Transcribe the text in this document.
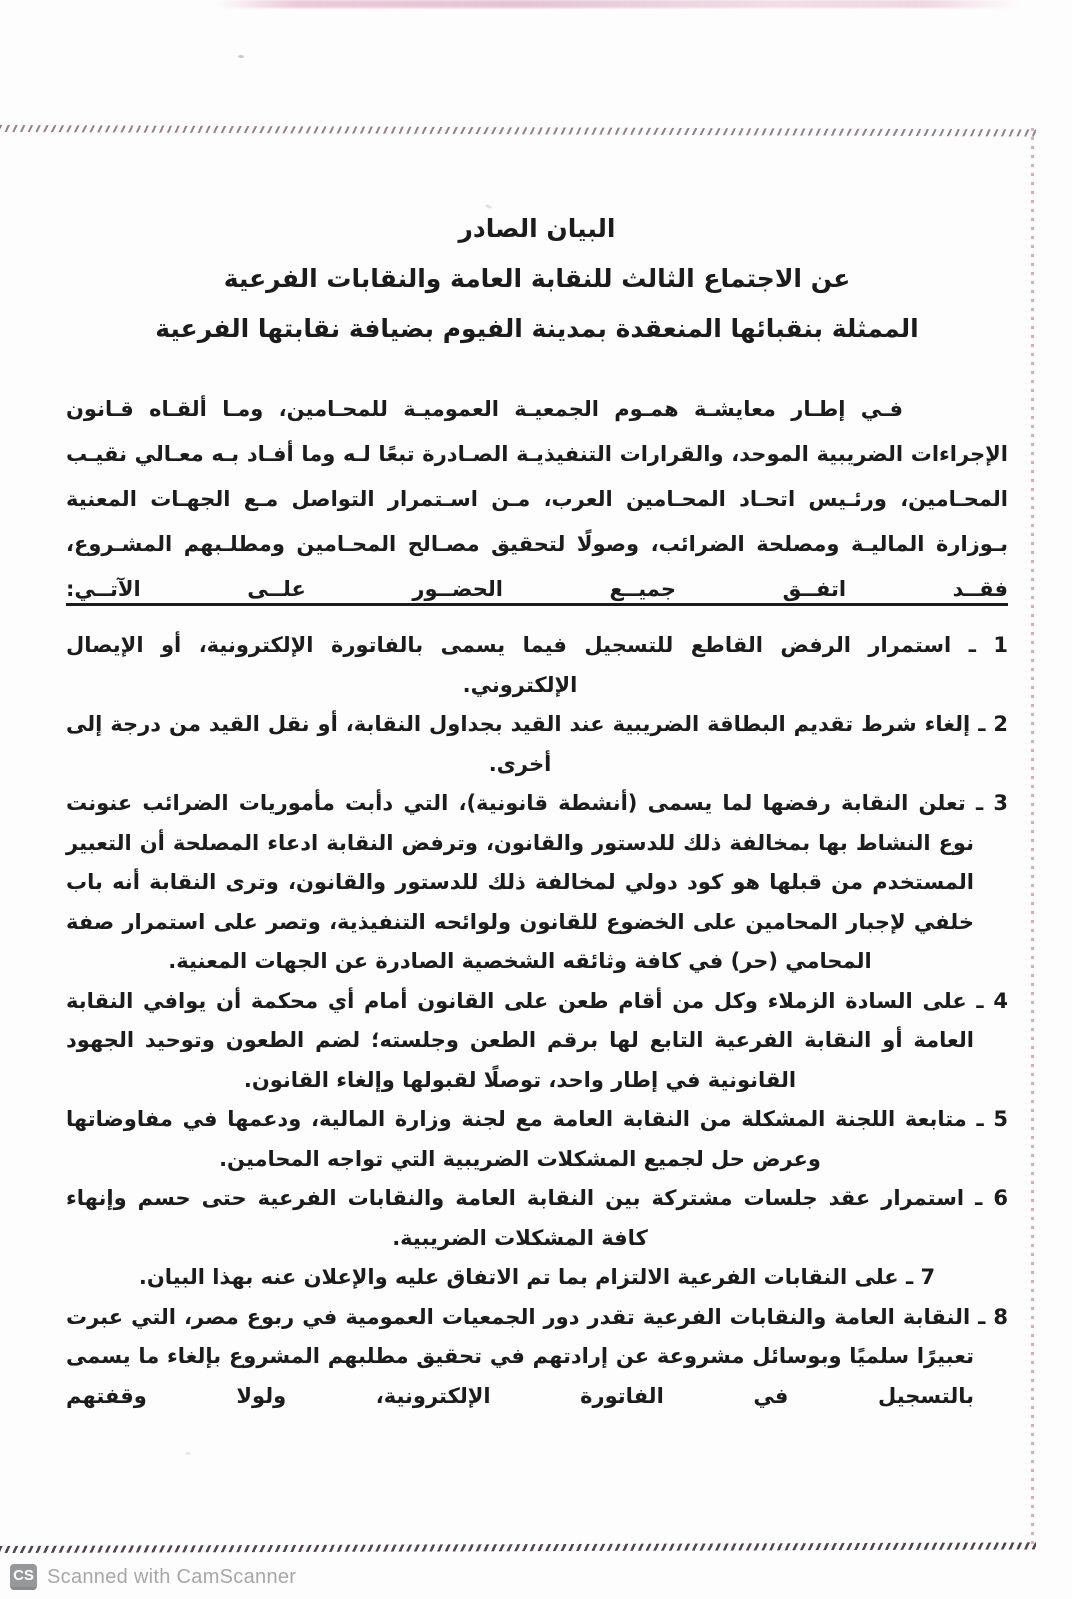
البيان الصادر
عن الاجتماع الثالث للنقابة العامة والنقابات الفرعية
الممثلة بنقبائها المنعقدة بمدينة الفيوم بضيافة نقابتها الفرعية

فـي إطـار معايشـة همـوم الجمعيـة العموميـة للمحـامين، ومـا ألقـاه قـانون الإجراءات الضريبية الموحد، والقرارات التنفيذيـة الصـادرة تبعًا لـه وما أفـاد بـه معـالي نقيـب المحـامين، ورئـيس اتحـاد المحـامين العرب، مـن اسـتمرار التواصل مـع الجهـات المعنية بـوزارة الماليـة ومصلحة الضرائب، وصولًا لتحقيق مصـالح المحـامين ومطلـبهم المشـروع، فقــد اتفــق جميــع الحضــور علــى الآتــي:

1 ـ استمرار الرفض القاطع للتسجيل فيما يسمى بالفاتورة الإلكترونية، أو الإيصال الإلكتروني.
2 ـ إلغاء شرط تقديم البطاقة الضريبية عند القيد بجداول النقابة، أو نقل القيد من درجة إلى أخرى.
3 ـ تعلن النقابة رفضها لما يسمى (أنشطة قانونية)، التي دأبت مأموريات الضرائب عنونت نوع النشاط بها بمخالفة ذلك للدستور والقانون، وترفض النقابة ادعاء المصلحة أن التعبير المستخدم من قبلها هو كود دولي لمخالفة ذلك للدستور والقانون، وترى النقابة أنه باب خلفي لإجبار المحامين على الخضوع للقانون ولوائحه التنفيذية، وتصر على استمرار صفة المحامي (حر) في كافة وثائقه الشخصية الصادرة عن الجهات المعنية.
4 ـ على السادة الزملاء وكل من أقام طعن على القانون أمام أي محكمة أن يوافي النقابة العامة أو النقابة الفرعية التابع لها برقم الطعن وجلسته؛ لضم الطعون وتوحيد الجهود القانونية في إطار واحد، توصلًا لقبولها وإلغاء القانون.
5 ـ متابعة اللجنة المشكلة من النقابة العامة مع لجنة وزارة المالية، ودعمها في مفاوضاتها وعرض حل لجميع المشكلات الضريبية التي تواجه المحامين.
6 ـ استمرار عقد جلسات مشتركة بين النقابة العامة والنقابات الفرعية حتى حسم وإنهاء كافة المشكلات الضريبية.
7 ـ على النقابات الفرعية الالتزام بما تم الاتفاق عليه والإعلان عنه بهذا البيان.
8 ـ النقابة العامة والنقابات الفرعية تقدر دور الجمعيات العمومية في ربوع مصر، التي عبرت تعبيرًا سلميًا وبوسائل مشروعة عن إرادتهم في تحقيق مطلبهم المشروع بإلغاء ما يسمى بالتسجيل في الفاتورة الإلكترونية، ولولا وقفتهم
CS Scanned with CamScanner
